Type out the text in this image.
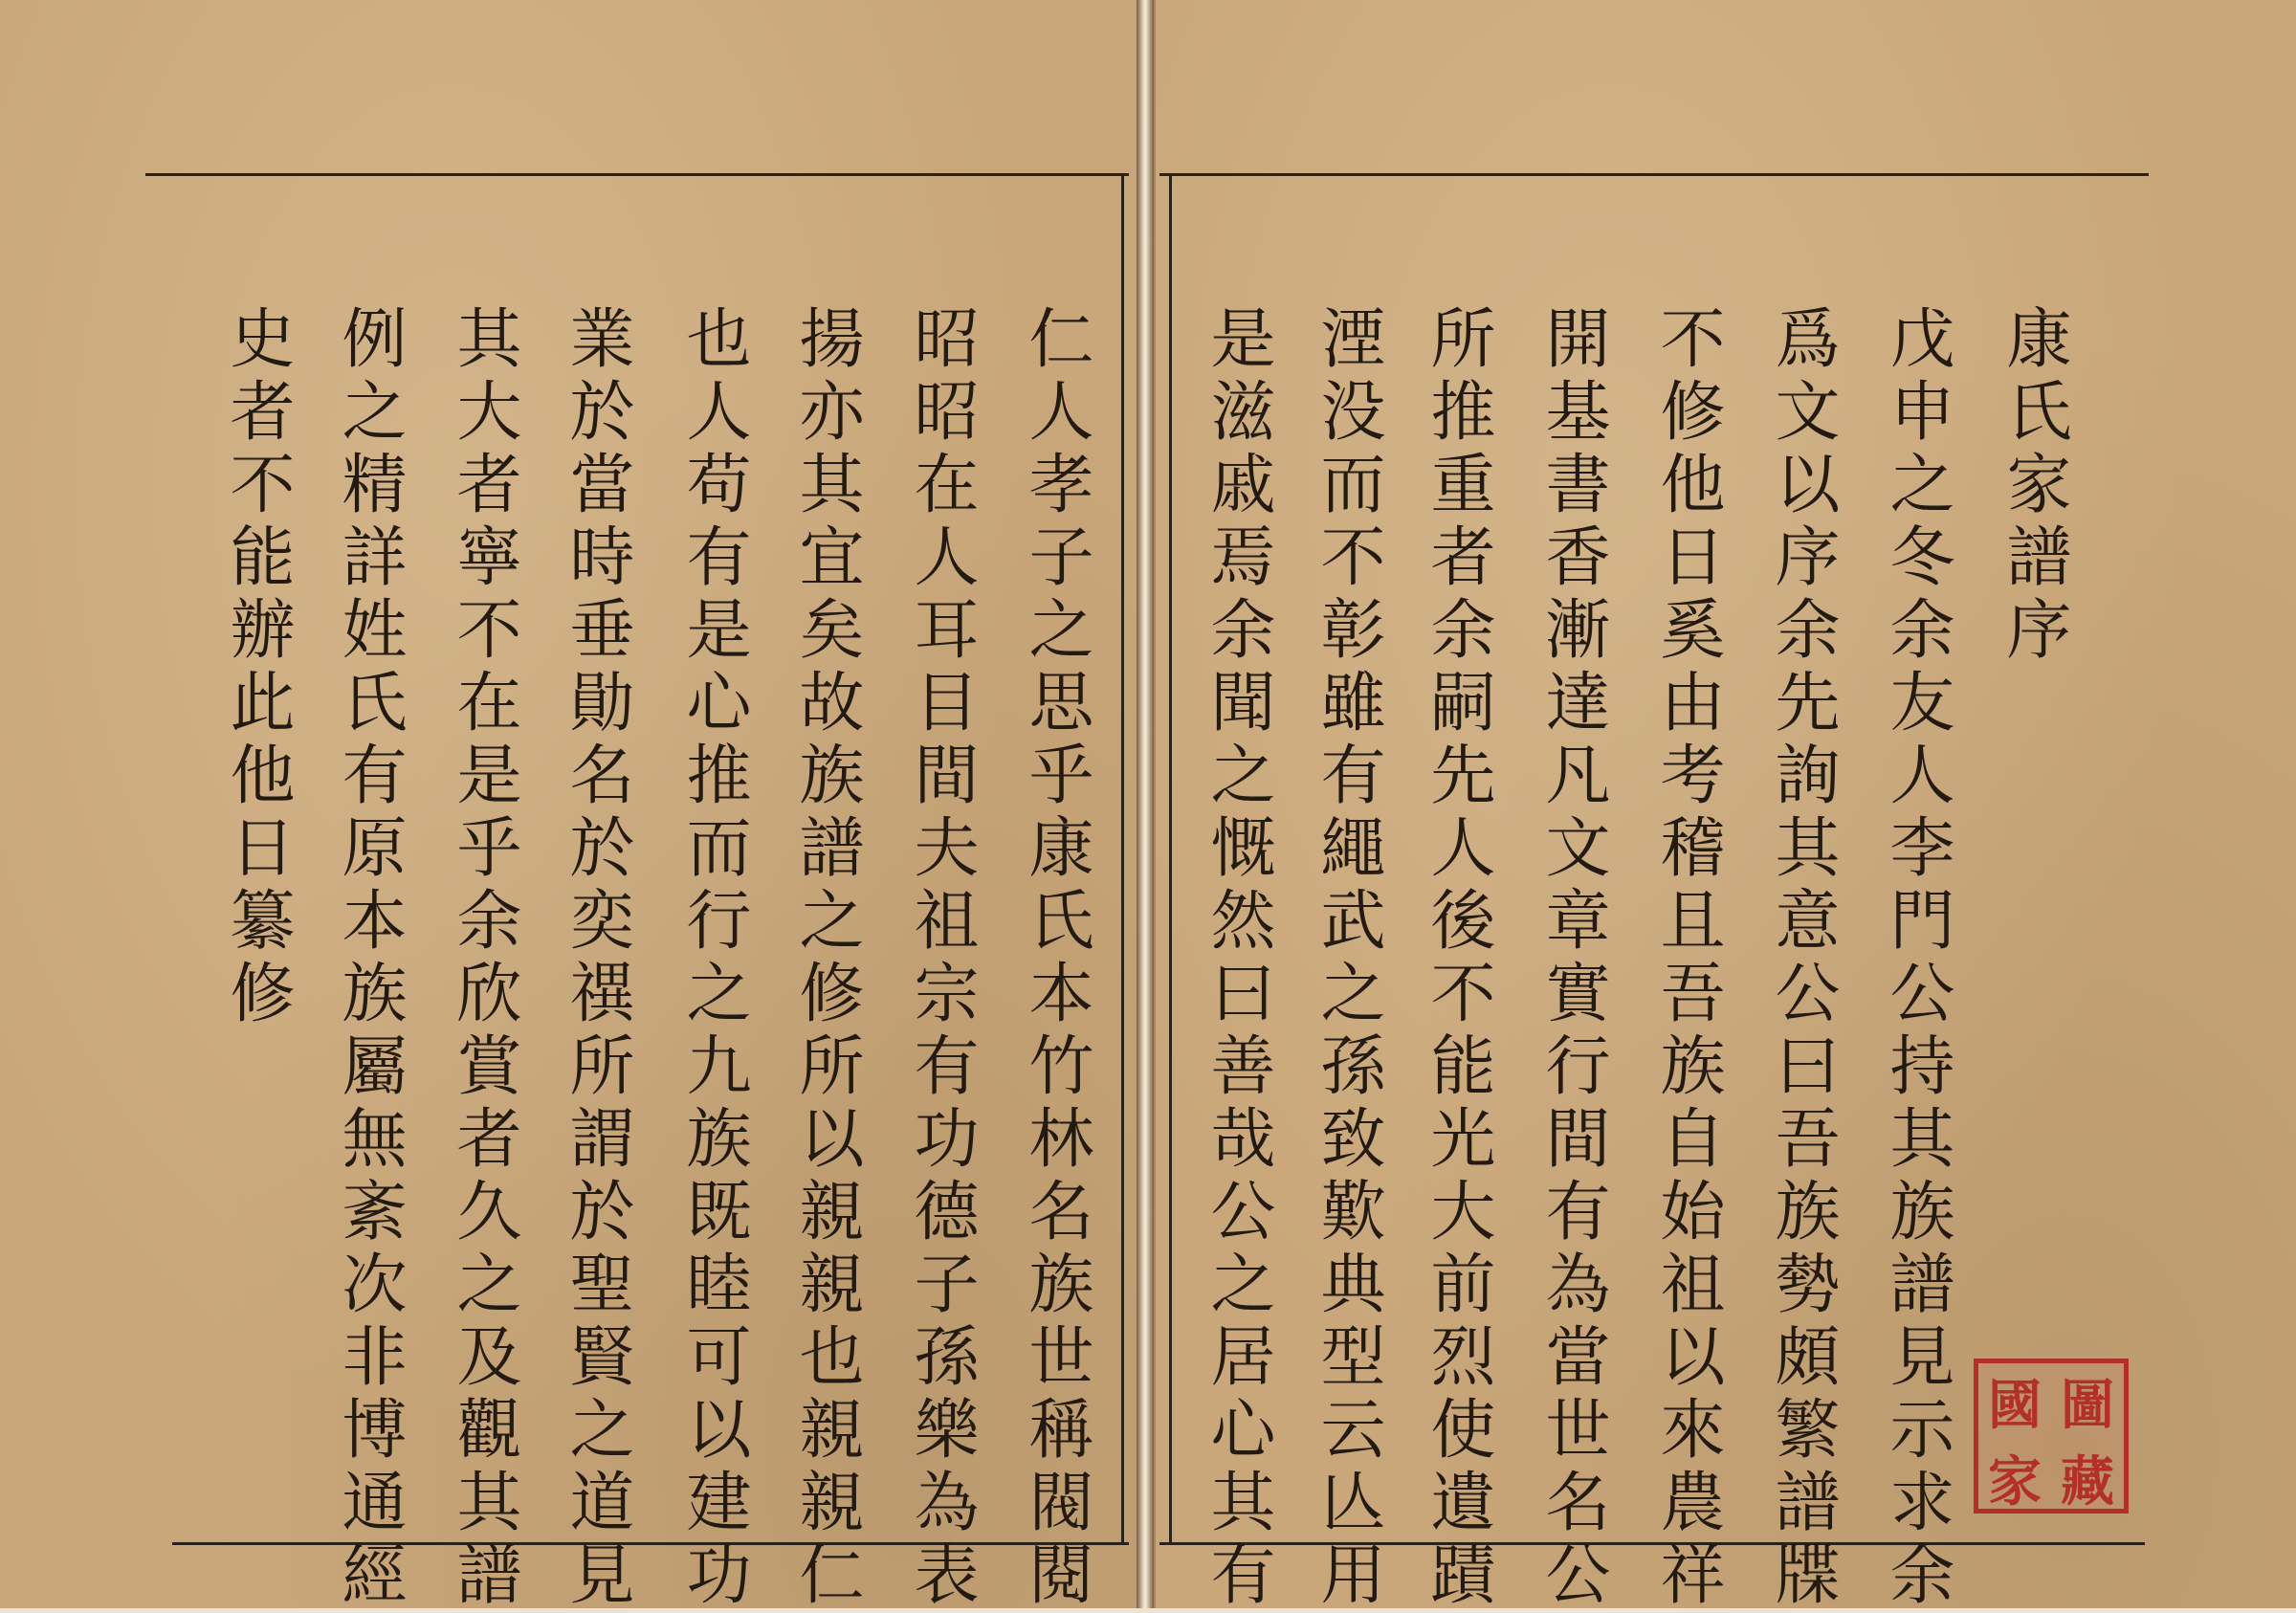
康氏家譜序
戊申之冬余友人李門公持其族譜見示求余
爲文以序余先詢其意公曰吾族勢頗繁譜牒
不修他日奚由考稽且吾族自始祖以來農祥
開基書香漸達凡文章實行間有為當世名公
所推重者余嗣先人後不能光大前烈使遺蹟
湮没而不彰雖有繩武之孫致歎典型云亾用
是滋戚焉余聞之慨然曰善哉公之居心其有
仁人孝子之思乎康氏本竹林名族世稱閥閱
昭昭在人耳目間夫祖宗有功德子孫樂為表
揚亦其宜矣故族譜之修所以親親也親親仁
也人苟有是心推而行之九族既睦可以建功
業於當時垂勛名於奕禩所謂於聖賢之道見
其大者寧不在是乎余欣賞者久之及觀其譜
例之精詳姓氏有原本族屬無紊次非博通經
史者不能辦此他日纂修
國 圖
家 藏
